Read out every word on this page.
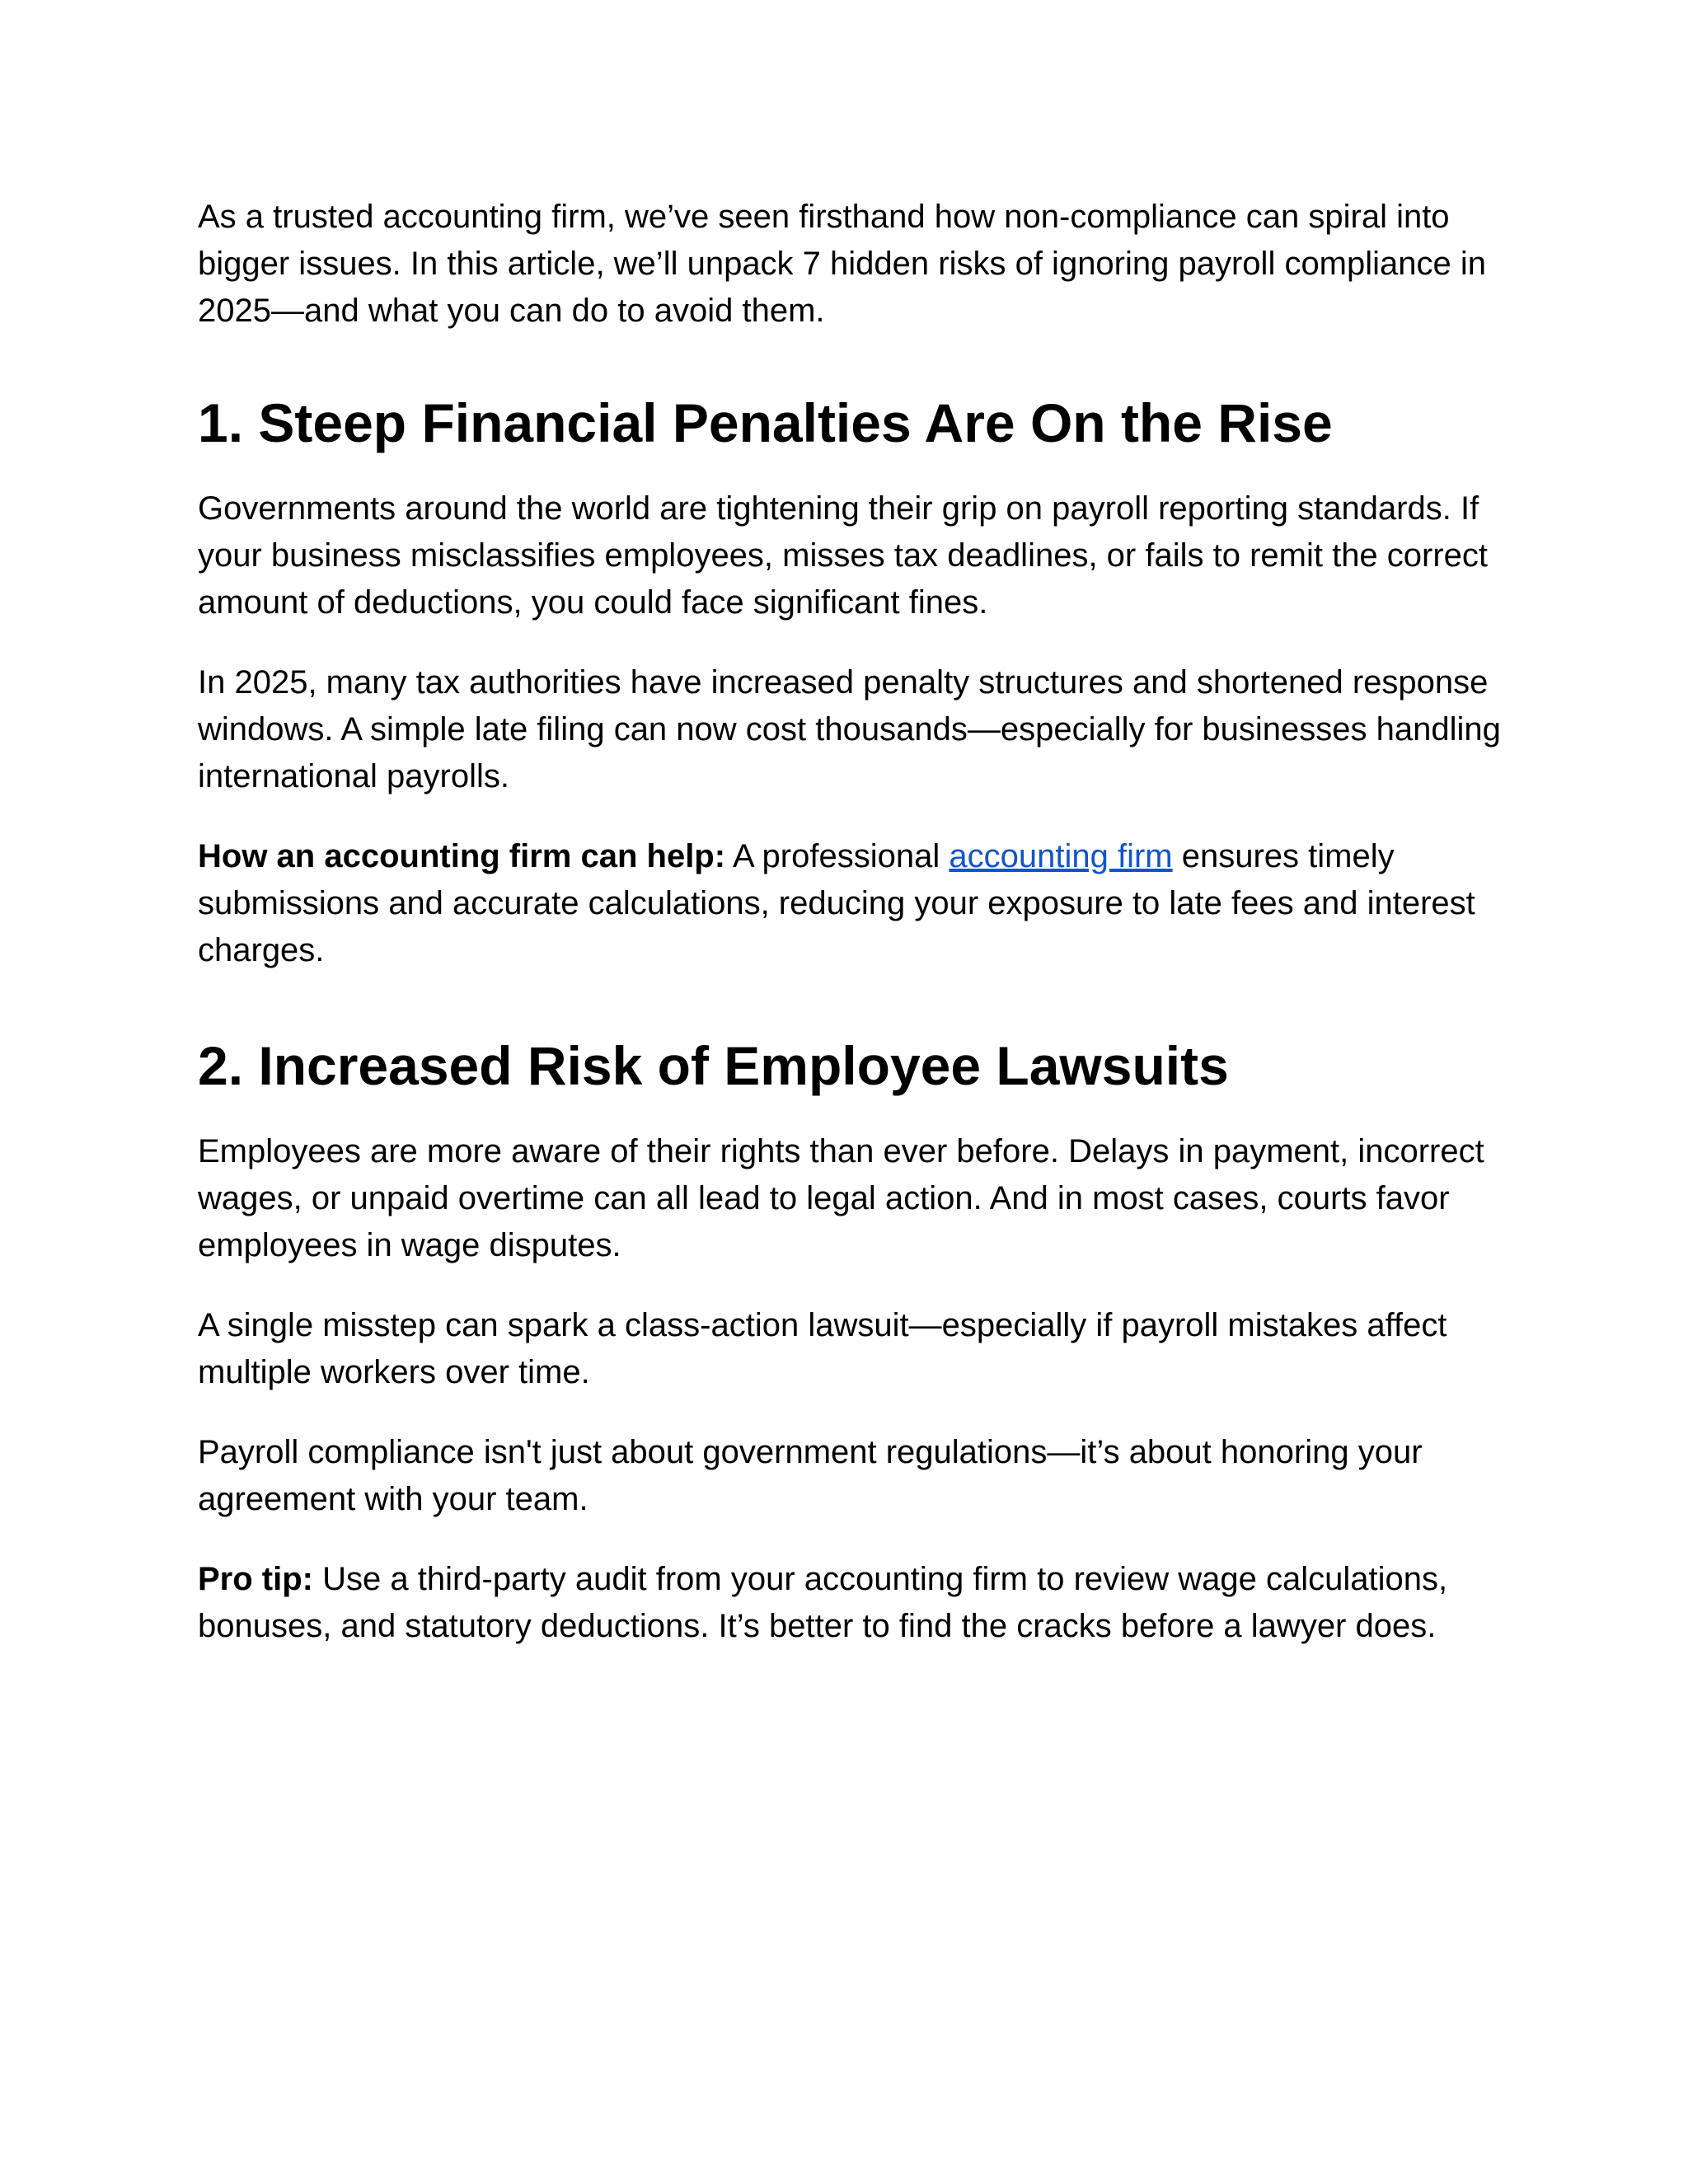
As a trusted accounting firm, we’ve seen firsthand how non-compliance can spiral into bigger issues. In this article, we’ll unpack 7 hidden risks of ignoring payroll compliance in 2025—and what you can do to avoid them.

1. Steep Financial Penalties Are On the Rise

Governments around the world are tightening their grip on payroll reporting standards. If your business misclassifies employees, misses tax deadlines, or fails to remit the correct amount of deductions, you could face significant fines.

In 2025, many tax authorities have increased penalty structures and shortened response windows. A simple late filing can now cost thousands—especially for businesses handling international payrolls.

How an accounting firm can help: A professional accounting firm ensures timely submissions and accurate calculations, reducing your exposure to late fees and interest charges.

2. Increased Risk of Employee Lawsuits

Employees are more aware of their rights than ever before. Delays in payment, incorrect wages, or unpaid overtime can all lead to legal action. And in most cases, courts favor employees in wage disputes.

A single misstep can spark a class-action lawsuit—especially if payroll mistakes affect multiple workers over time.

Payroll compliance isn't just about government regulations—it’s about honoring your agreement with your team.

Pro tip: Use a third-party audit from your accounting firm to review wage calculations, bonuses, and statutory deductions. It’s better to find the cracks before a lawyer does.
